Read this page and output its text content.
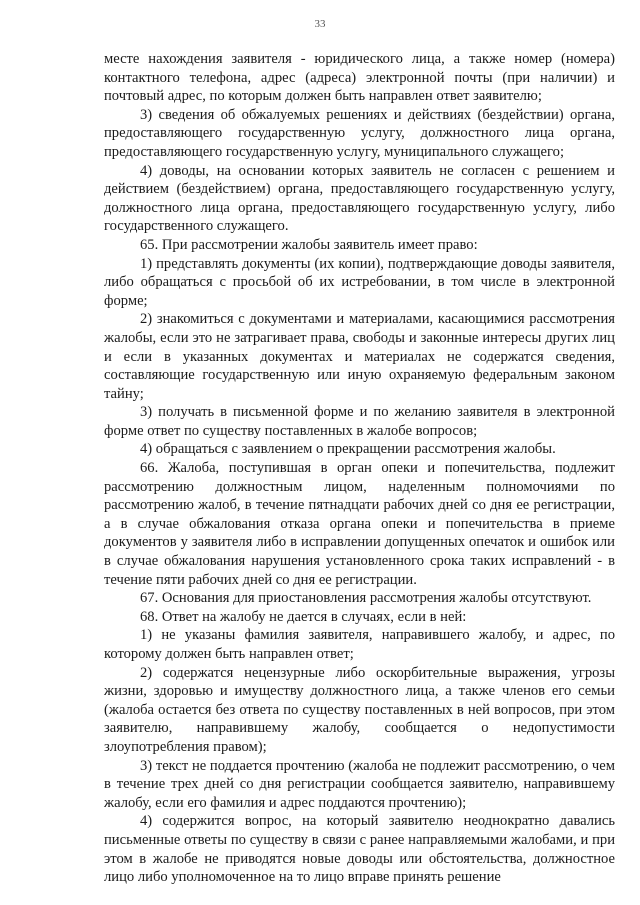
33

месте нахождения заявителя - юридического лица, а также номер (номера) контактного телефона, адрес (адреса) электронной почты (при наличии) и почтовый адрес, по которым должен быть направлен ответ заявителю;

3) сведения об обжалуемых решениях и действиях (бездействии) органа, предоставляющего государственную услугу, должностного лица органа, предоставляющего государственную услугу, муниципального служащего;

4) доводы, на основании которых заявитель не согласен с решением и действием (бездействием) органа, предоставляющего государственную услугу, должностного лица органа, предоставляющего государственную услугу, либо государственного служащего.

65. При рассмотрении жалобы заявитель имеет право:

1) представлять документы (их копии), подтверждающие доводы заявителя, либо обращаться с просьбой об их истребовании, в том числе в электронной форме;

2) знакомиться с документами и материалами, касающимися рассмотрения жалобы, если это не затрагивает права, свободы и законные интересы других лиц и если в указанных документах и материалах не содержатся сведения, составляющие государственную или иную охраняемую федеральным законом тайну;

3) получать в письменной форме и по желанию заявителя в электронной форме ответ по существу поставленных в жалобе вопросов;

4) обращаться с заявлением о прекращении рассмотрения жалобы.

66. Жалоба, поступившая в орган опеки и попечительства, подлежит рассмотрению должностным лицом, наделенным полномочиями по рассмотрению жалоб, в течение пятнадцати рабочих дней со дня ее регистрации, а в случае обжалования отказа органа опеки и попечительства в приеме документов у заявителя либо в исправлении допущенных опечаток и ошибок или в случае обжалования нарушения установленного срока таких исправлений - в течение пяти рабочих дней со дня ее регистрации.

67. Основания для приостановления рассмотрения жалобы отсутствуют.

68. Ответ на жалобу не дается в случаях, если в ней:

1) не указаны фамилия заявителя, направившего жалобу, и адрес, по которому должен быть направлен ответ;

2) содержатся нецензурные либо оскорбительные выражения, угрозы жизни, здоровью и имуществу должностного лица, а также членов его семьи (жалоба остается без ответа по существу поставленных в ней вопросов, при этом заявителю, направившему жалобу, сообщается о недопустимости злоупотребления правом);

3) текст не поддается прочтению (жалоба не подлежит рассмотрению, о чем в течение трех дней со дня регистрации сообщается заявителю, направившему жалобу, если его фамилия и адрес поддаются прочтению);

4) содержится вопрос, на который заявителю неоднократно давались письменные ответы по существу в связи с ранее направляемыми жалобами, и при этом в жалобе не приводятся новые доводы или обстоятельства, должностное лицо либо уполномоченное на то лицо вправе принять решение
